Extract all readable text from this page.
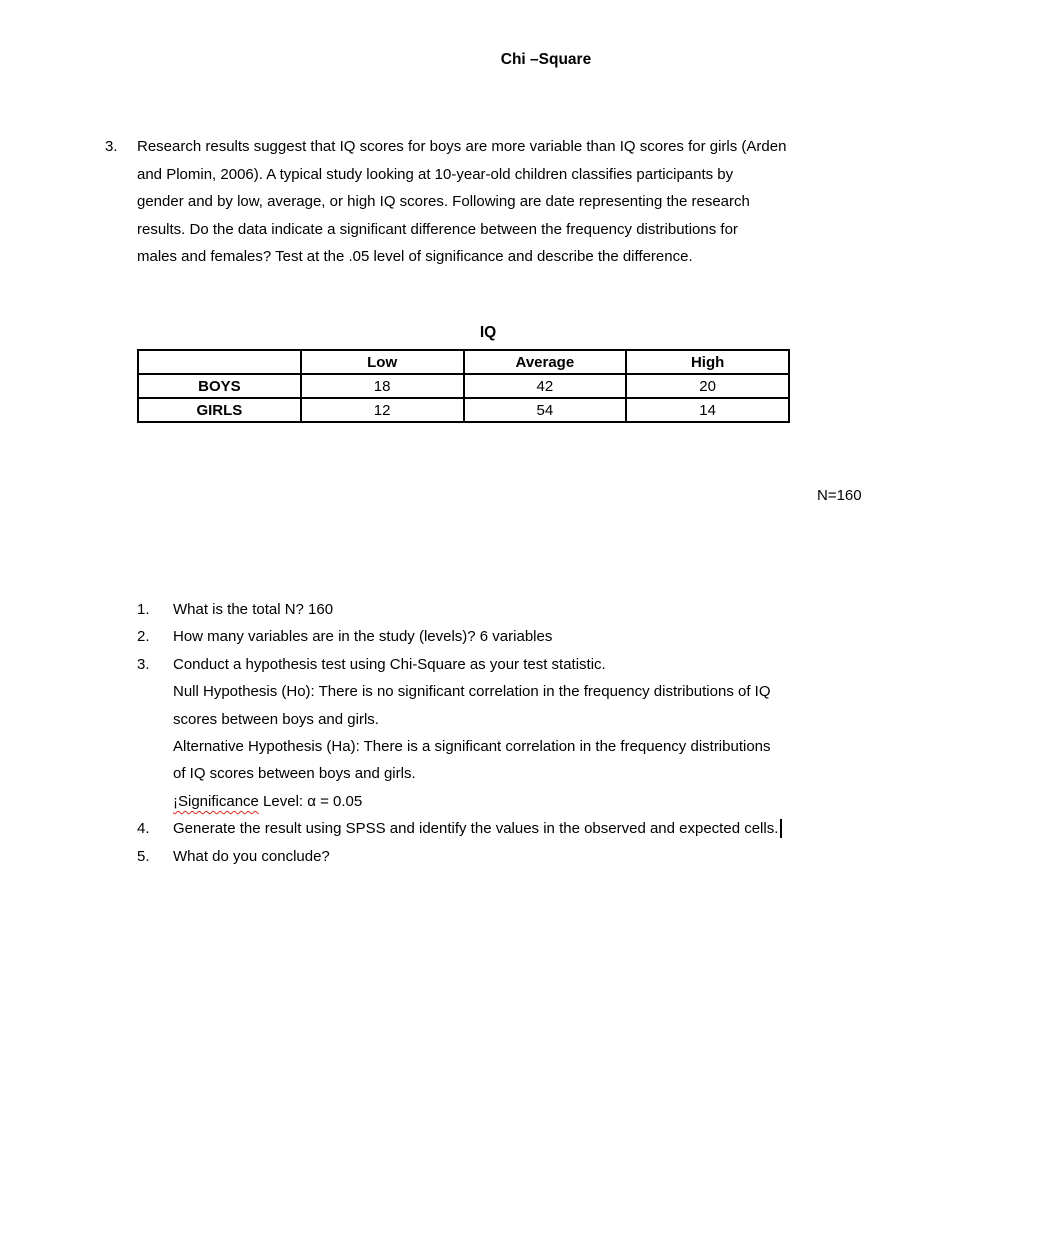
Chi –Square
3.	Research results suggest that IQ scores for boys are more variable than IQ scores for girls (Arden
and Plomin, 2006). A typical study looking at 10-year-old children classifies participants by
gender and by low, average, or high IQ scores. Following are date representing the research
results. Do the data indicate a significant difference between the frequency distributions for
males and females? Test at the .05 level of significance and describe the difference.
IQ
	Low	Average	High
BOYS	18	42	20
GIRLS	12	54	14
N=160
1.	What is the total N? 160
2.	How many variables are in the study (levels)? 6 variables
3.	Conduct a hypothesis test using Chi-Square as your test statistic.
Null Hypothesis (Ho): There is no significant correlation in the frequency distributions of IQ
scores between boys and girls.
Alternative Hypothesis (Ha): There is a significant correlation in the frequency distributions
of IQ scores between boys and girls.
¡Significance Level: α = 0.05
4.	Generate the result using SPSS and identify the values in the observed and expected cells.
5.	What do you conclude?
